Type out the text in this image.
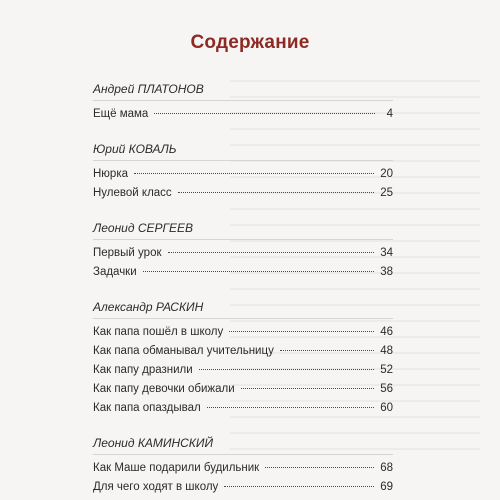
Содержание
Андрей ПЛАТОНОВ
Ещё мама	4
Юрий КОВАЛЬ
Нюрка	20
Нулевой класс	25
Леонид СЕРГЕЕВ
Первый урок	34
Задачки	38
Александр РАСКИН
Как папа пошёл в школу	46
Как папа обманывал учительницу	48
Как папу дразнили	52
Как папу девочки обижали	56
Как папа опаздывал	60
Леонид КАМИНСКИЙ
Как Маше подарили будильник	68
Для чего ходят в школу	69
